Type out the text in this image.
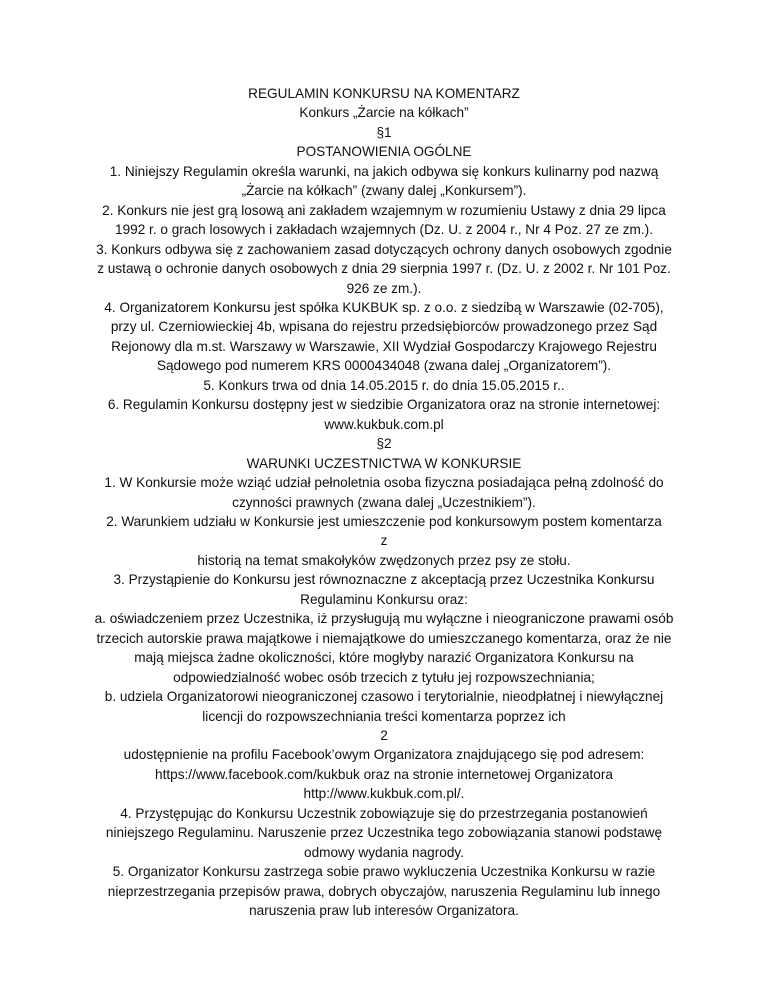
REGULAMIN KONKURSU NA KOMENTARZ

Konkurs „Żarcie na kółkach”

§1

POSTANOWIENIA OGÓLNE

1. Niniejszy Regulamin określa warunki, na jakich odbywa się konkurs kulinarny pod nazwą „Żarcie na kółkach” (zwany dalej „Konkursem”).

2. Konkurs nie jest grą losową ani zakładem wzajemnym w rozumieniu Ustawy z dnia 29 lipca 1992 r. o grach losowych i zakładach wzajemnych (Dz. U. z 2004 r., Nr 4 Poz. 27 ze zm.).

3. Konkurs odbywa się z zachowaniem zasad dotyczących ochrony danych osobowych zgodnie z ustawą o ochronie danych osobowych z dnia 29 sierpnia 1997 r. (Dz. U. z 2002 r. Nr 101 Poz. 926 ze zm.).

4. Organizatorem Konkursu jest spółka KUKBUK sp. z o.o. z siedzibą w Warszawie (02-705), przy ul. Czerniowieckiej 4b, wpisana do rejestru przedsiębiorców prowadzonego przez Sąd Rejonowy dla m.st. Warszawy w Warszawie, XII Wydział Gospodarczy Krajowego Rejestru Sądowego pod numerem KRS 0000434048 (zwana dalej „Organizatorem”).

5. Konkurs trwa od dnia 14.05.2015 r. do dnia 15.05.2015 r..

6. Regulamin Konkursu dostępny jest w siedzibie Organizatora oraz na stronie internetowej: www.kukbuk.com.pl

§2

WARUNKI UCZESTNICTWA W KONKURSIE

1. W Konkursie może wziąć udział pełnoletnia osoba fizyczna posiadająca pełną zdolność do czynności prawnych (zwana dalej „Uczestnikiem”).

2. Warunkiem udziału w Konkursie jest umieszczenie pod konkursowym postem komentarza

z

historią na temat smakołyków zwędzonych przez psy ze stołu.

3. Przystąpienie do Konkursu jest równoznaczne z akceptacją przez Uczestnika Konkursu Regulaminu Konkursu oraz:

a. oświadczeniem przez Uczestnika, iż przysługują mu wyłączne i nieograniczone prawami osób trzecich autorskie prawa majątkowe i niemajątkowe do umieszczanego komentarza, oraz że nie mają miejsca żadne okoliczności, które mogłyby narazić Organizatora Konkursu na odpowiedzialność wobec osób trzecich z tytułu jej rozpowszechniania;

b. udziela Organizatorowi nieograniczonej czasowo i terytorialnie, nieodpłatnej i niewyłącznej licencji do rozpowszechniania treści komentarza poprzez ich

2

udostępnienie na profilu Facebook’owym Organizatora znajdującego się pod adresem: https://www.facebook.com/kukbuk oraz na stronie internetowej Organizatora http://www.kukbuk.com.pl/.

4. Przystępując do Konkursu Uczestnik zobowiązuje się do przestrzegania postanowień niniejszego Regulaminu. Naruszenie przez Uczestnika tego zobowiązania stanowi podstawę odmowy wydania nagrody.

5. Organizator Konkursu zastrzega sobie prawo wykluczenia Uczestnika Konkursu w razie nieprzestrzegania przepisów prawa, dobrych obyczajów, naruszenia Regulaminu lub innego naruszenia praw lub interesów Organizatora.
